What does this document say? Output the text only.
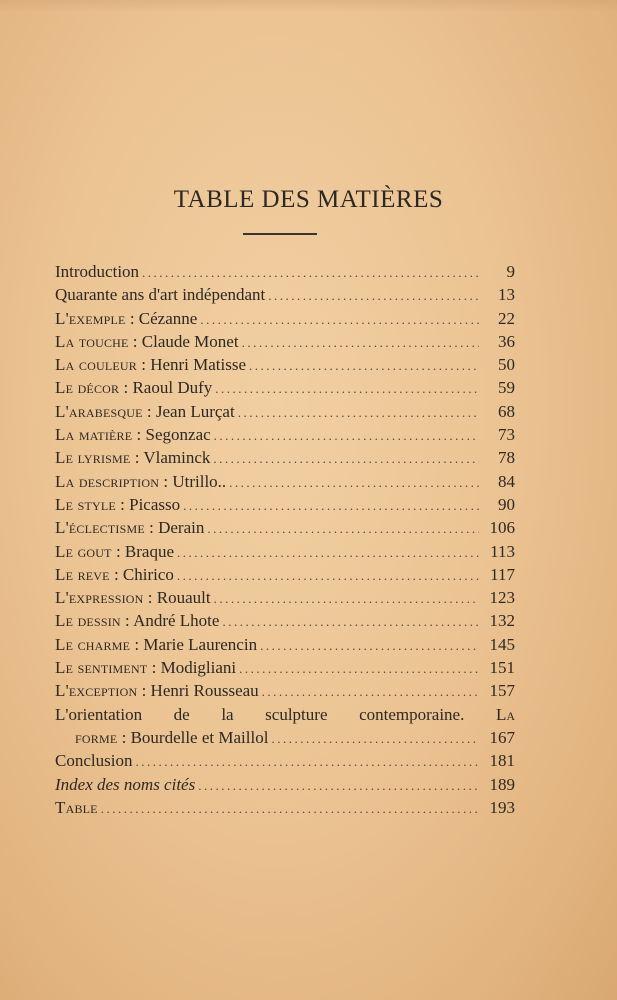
TABLE DES MATIÈRES
Introduction .....	9
Quarante ans d'art indépendant .....	13
L'exemple : Cézanne .....	22
La touche : Claude Monet .....	36
La couleur : Henri Matisse .....	50
Le décor : Raoul Dufy .....	59
L'arabesque : Jean Lurçat .....	68
La matière : Segonzac .....	73
Le lyrisme : Vlaminck .....	78
La description : Utrillo.. .....	84
Le style : Picasso .....	90
L'éclectisme : Derain .....	106
Le gout : Braque .....	113
Le reve : Chirico .....	117
L'expression : Rouault .....	123
Le dessin : André Lhote .....	132
Le charme : Marie Laurencin .....	145
Le sentiment : Modigliani .....	151
L'exception : Henri Rousseau .....	157
L'orientation de la sculpture contemporaine. La
forme : Bourdelle et Maillol .....	167
Conclusion .....	181
Index des noms cités .....	189
Table .....	193
